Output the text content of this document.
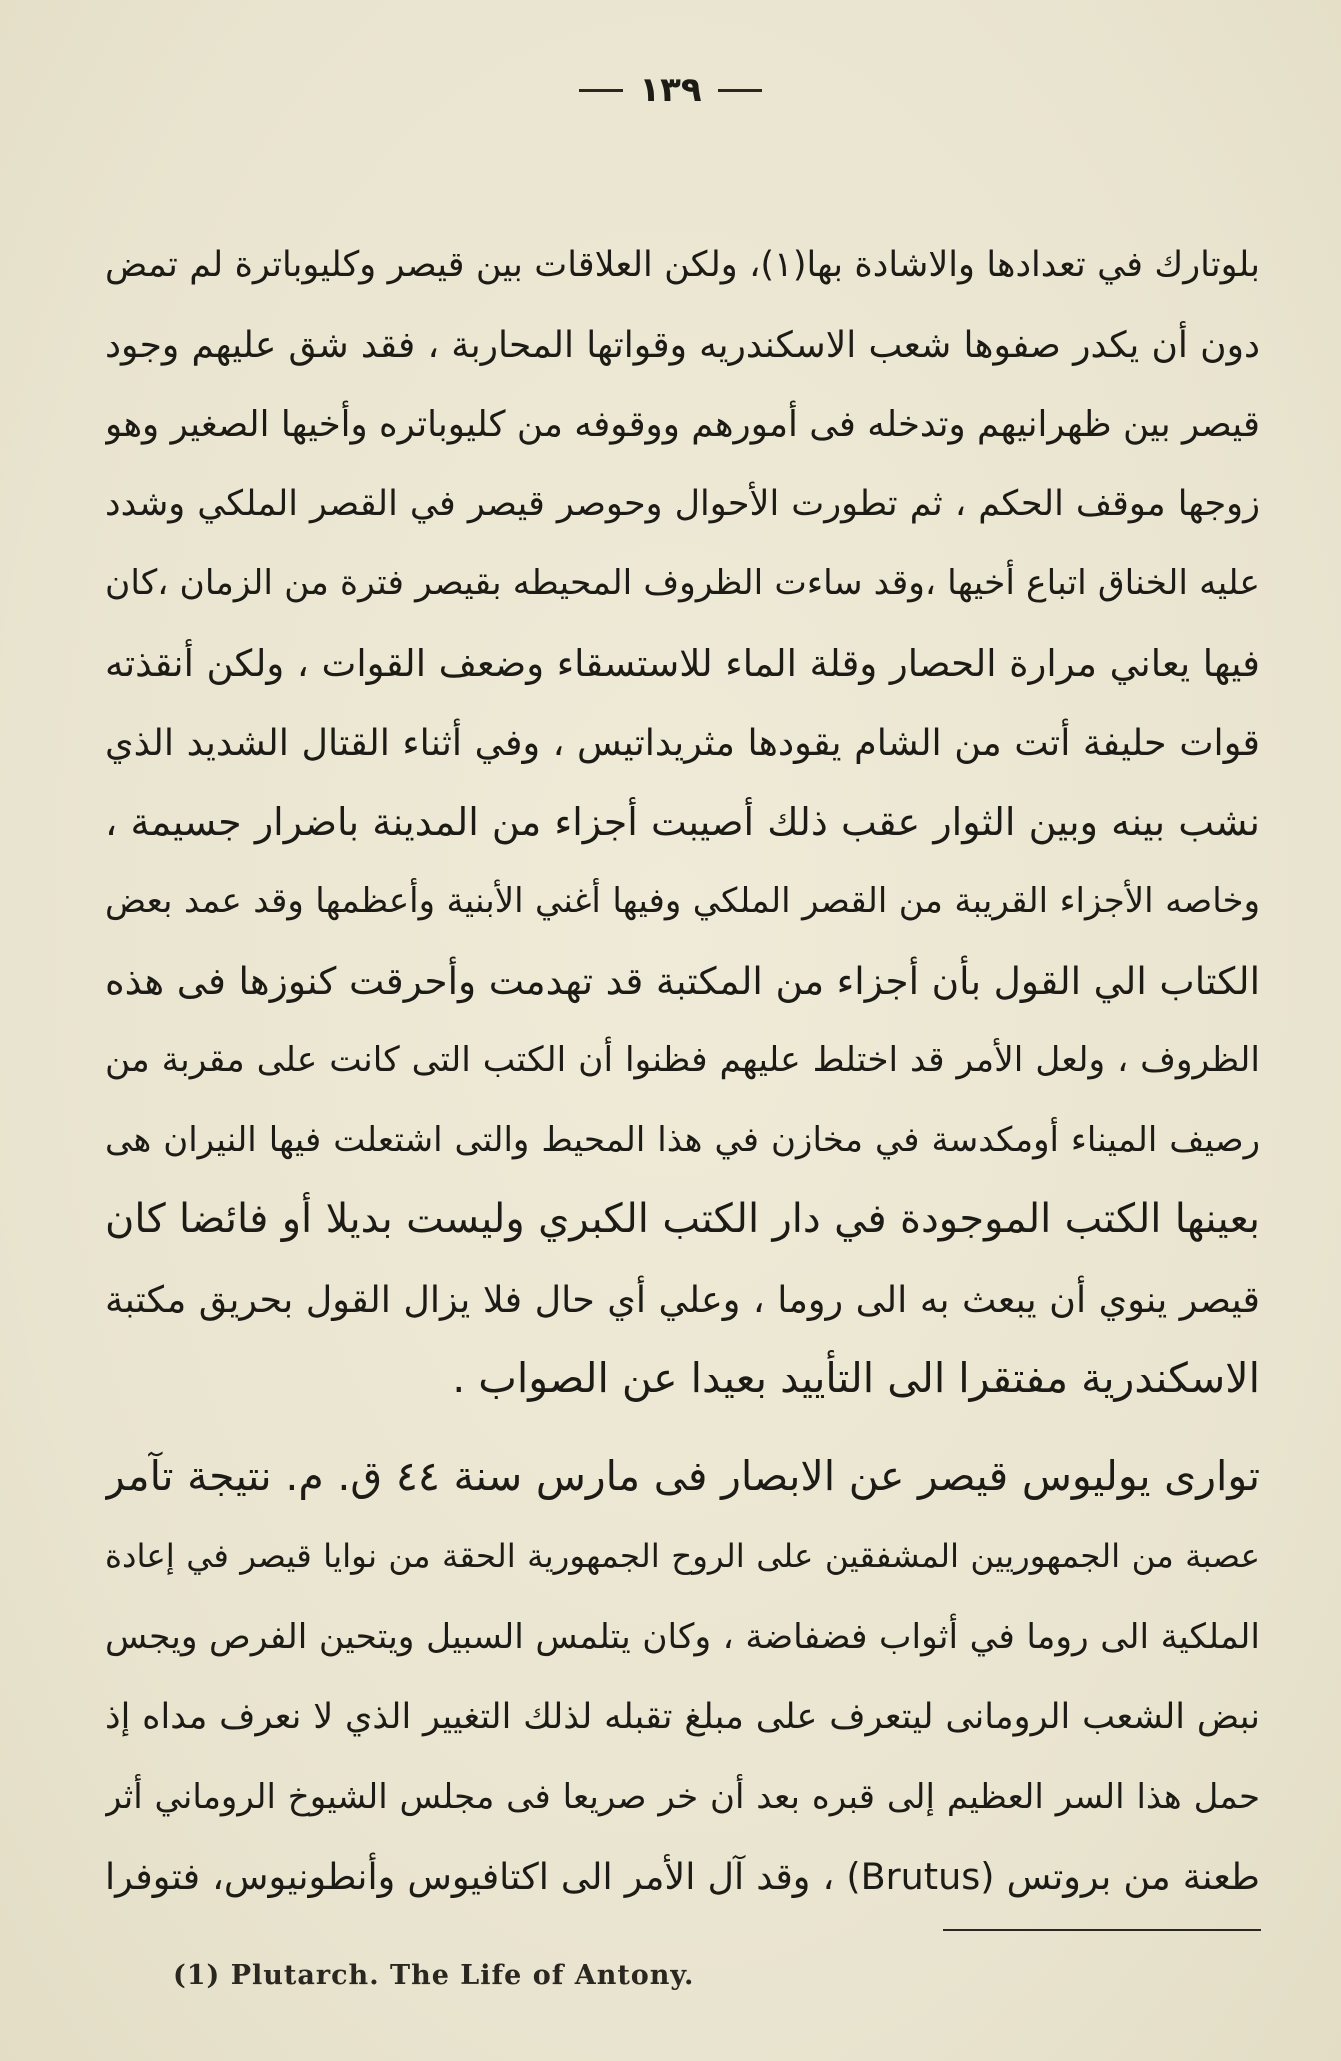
١٣٩
بلوتارك في تعدادها والاشادة بها(١)، ولكن العلاقات بين قيصر وكليوباترة لم تمض
دون أن يكدر صفوها شعب الاسكندريه وقواتها المحاربة ، فقد شق عليهم وجود
قيصر بين ظهرانيهم وتدخله فى أمورهم ووقوفه من كليوباتره وأخيها الصغير وهو
زوجها موقف الحكم ، ثم تطورت الأحوال وحوصر قيصر في القصر الملكي وشدد
عليه الخناق اتباع أخيها ،وقد ساءت الظروف المحيطه بقيصر فترة من الزمان ،كان
فيها يعاني مرارة الحصار وقلة الماء للاستسقاء وضعف القوات ، ولكن أنقذته
قوات حليفة أتت من الشام يقودها مثريداتيس ، وفي أثناء القتال الشديد الذي
نشب بينه وبين الثوار عقب ذلك أصيبت أجزاء من المدينة باضرار جسيمة ،
وخاصه الأجزاء القريبة من القصر الملكي وفيها أغني الأبنية وأعظمها وقد عمد بعض
الكتاب الي القول بأن أجزاء من المكتبة قد تهدمت وأحرقت كنوزها فى هذه
الظروف ، ولعل الأمر قد اختلط عليهم فظنوا أن الكتب التى كانت على مقربة من
رصيف الميناء أومكدسة في مخازن في هذا المحيط والتى اشتعلت فيها النيران هى
بعينها الكتب الموجودة في دار الكتب الكبري وليست بديلا أو فائضا كان
قيصر ينوي أن يبعث به الى روما ، وعلي أي حال فلا يزال القول بحريق مكتبة
الاسكندرية مفتقرا الى التأييد بعيدا عن الصواب .
توارى يوليوس قيصر عن الابصار فى مارس سنة ٤٤ ق. م. نتيجة تآمر
عصبة من الجمهوريين المشفقين على الروح الجمهورية الحقة من نوايا قيصر في إعادة
الملكية الى روما في أثواب فضفاضة ، وكان يتلمس السبيل ويتحين الفرص ويجس
نبض الشعب الرومانى ليتعرف على مبلغ تقبله لذلك التغيير الذي لا نعرف مداه إذ
حمل هذا السر العظيم إلى قبره بعد أن خر صريعا فى مجلس الشيوخ الروماني أثر
طعنة من بروتس (Brutus) ، وقد آل الأمر الى اكتافيوس وأنطونيوس، فتوفرا
(1) Plutarch. The Life of Antony.
